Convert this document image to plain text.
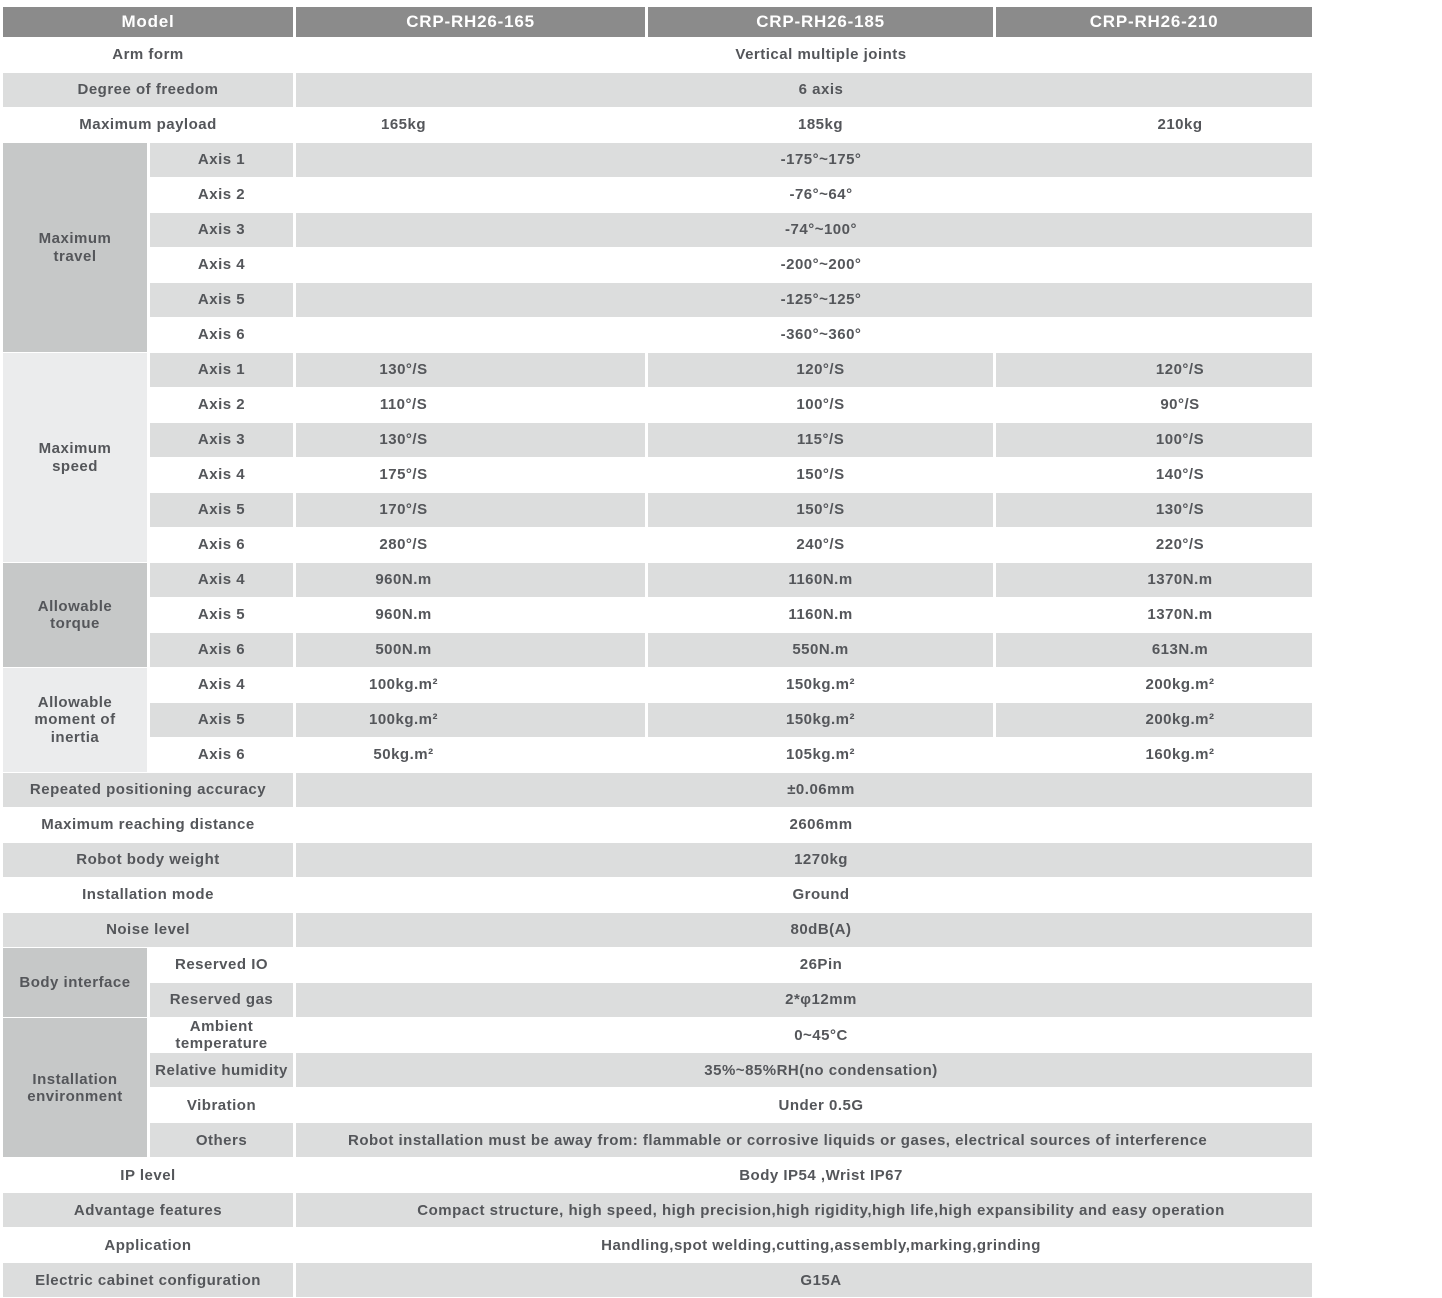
Model		CRP-RH26-165	CRP-RH26-185	CRP-RH26-210
Arm form		Vertical multiple joints		
Degree of freedom		6 axis		
Maximum payload		165kg	185kg	210kg
Maximum travel	Axis 1	-175°~175°		
	Axis 2	-76°~64°		
	Axis 3	-74°~100°		
	Axis 4	-200°~200°		
	Axis 5	-125°~125°		
	Axis 6	-360°~360°		
Maximum speed	Axis 1	130°/S	120°/S	120°/S
	Axis 2	110°/S	100°/S	90°/S
	Axis 3	130°/S	115°/S	100°/S
	Axis 4	175°/S	150°/S	140°/S
	Axis 5	170°/S	150°/S	130°/S
	Axis 6	280°/S	240°/S	220°/S
Allowable torque	Axis 4	960N.m	1160N.m	1370N.m
	Axis 5	960N.m	1160N.m	1370N.m
	Axis 6	500N.m	550N.m	613N.m
Allowable moment of inertia	Axis 4	100kg.m²	150kg.m²	200kg.m²
	Axis 5	100kg.m²	150kg.m²	200kg.m²
	Axis 6	50kg.m²	105kg.m²	160kg.m²
Repeated positioning accuracy		±0.06mm		
Maximum reaching distance		2606mm		
Robot body weight		1270kg		
Installation mode		Ground		
Noise level		80dB(A)		
Body interface	Reserved IO	26Pin		
	Reserved gas	2*φ12mm		
Installation environment	Ambient temperature	0~45°C		
	Relative humidity	35%~85%RH(no condensation)		
	Vibration	Under 0.5G		
	Others	Robot installation must be away from: flammable or corrosive liquids or gases, electrical sources of interference		
IP level		Body IP54 ,Wrist IP67		
Advantage features		Compact structure, high speed, high precision,high rigidity,high life,high expansibility and easy operation		
Application		Handling,spot welding,cutting,assembly,marking,grinding		
Electric cabinet configuration		G15A		
